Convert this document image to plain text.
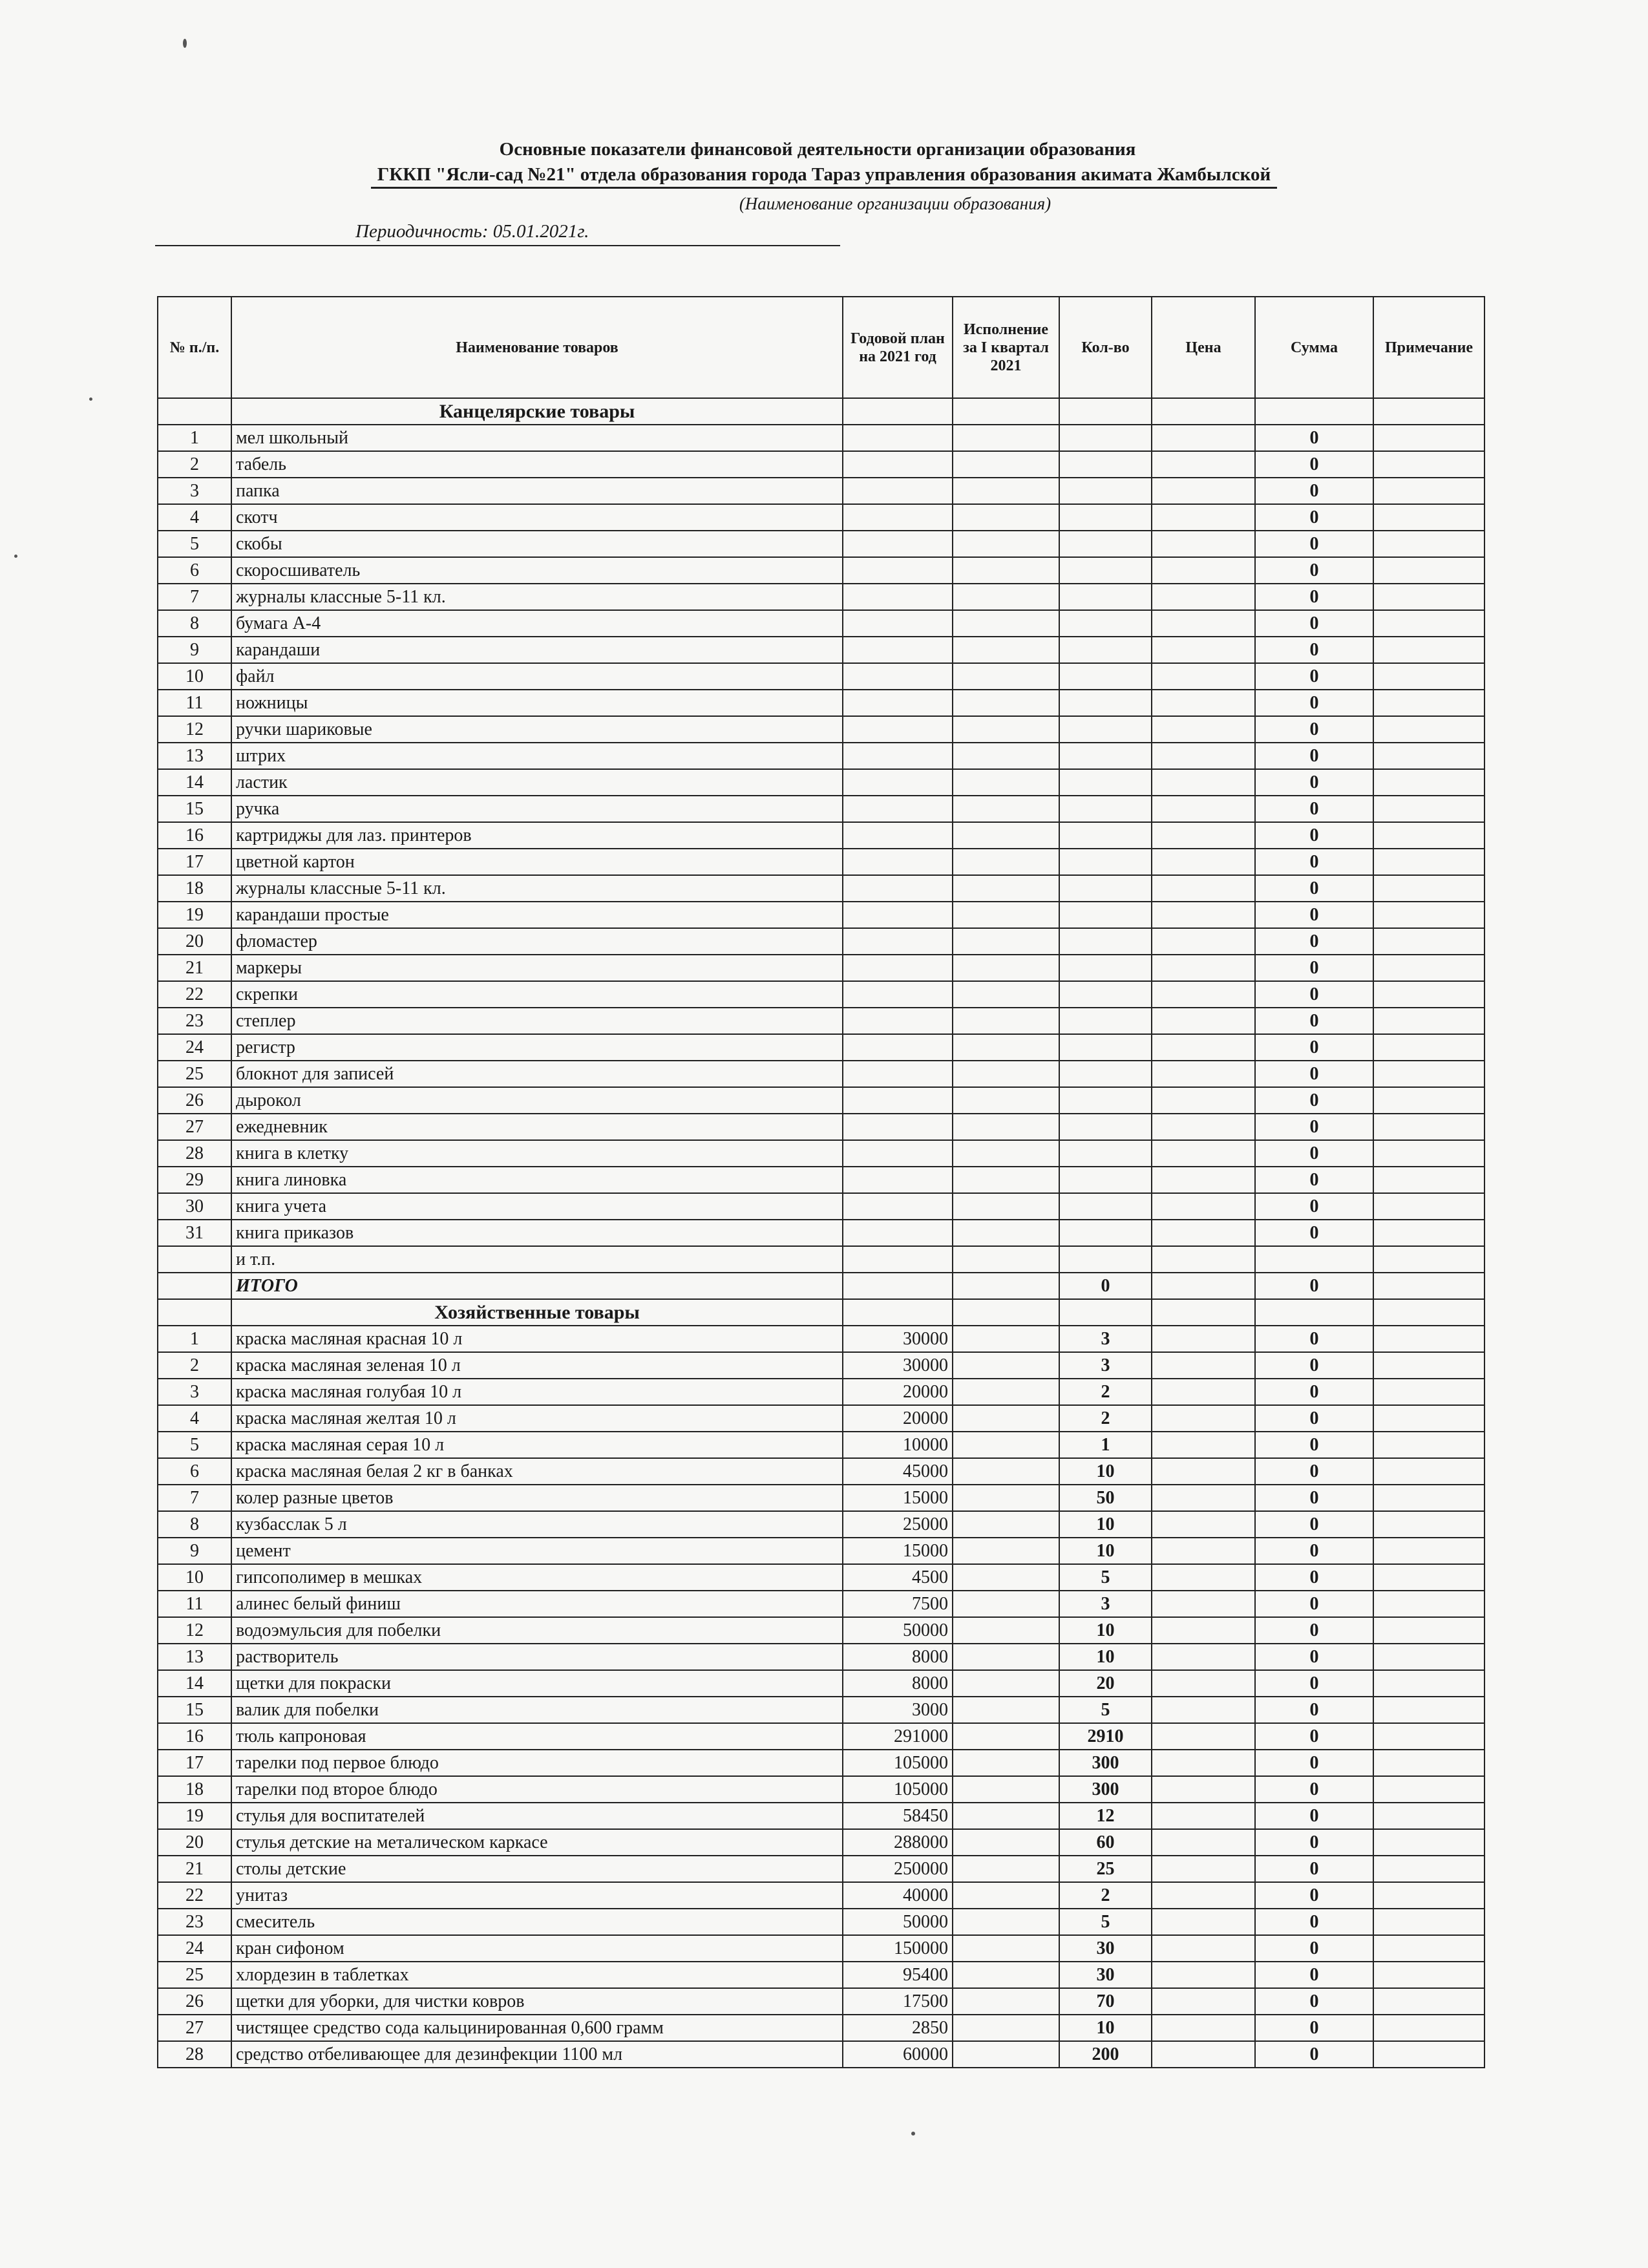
Основные показатели финансовой деятельности организации образования
ГККП "Ясли-сад №21" отдела образования города Тараз управления образования акимата Жамбылской
(Наименование организации образования)
Периодичность: 05.01.2021г.
№ п./п.	Наименование товаров	Годовой план на 2021 год	Исполнение за I квартал 2021	Кол-во	Цена	Сумма	Примечание
	Канцелярские товары						
1	мел школьный					0	
2	табель					0	
3	папка					0	
4	скотч					0	
5	скобы					0	
6	скоросшиватель					0	
7	журналы классные 5-11 кл.					0	
8	бумага А-4					0	
9	карандаши					0	
10	файл					0	
11	ножницы					0	
12	ручки шариковые					0	
13	штрих					0	
14	ластик					0	
15	ручка					0	
16	картриджы для лаз. принтеров					0	
17	цветной картон					0	
18	журналы классные 5-11 кл.					0	
19	карандаши простые					0	
20	фломастер					0	
21	маркеры					0	
22	скрепки					0	
23	степлер					0	
24	регистр					0	
25	блокнот для записей					0	
26	дырокол					0	
27	ежедневник					0	
28	книга в клетку					0	
29	книга линовка					0	
30	книга учета					0	
31	книга приказов					0	
	и т.п.						
	ИТОГО			0		0	
	Хозяйственные товары						
1	краска масляная красная 10 л	30000		3		0	
2	краска масляная зеленая 10 л	30000		3		0	
3	краска масляная голубая 10 л	20000		2		0	
4	краска масляная желтая 10 л	20000		2		0	
5	краска масляная серая 10 л	10000		1		0	
6	краска масляная белая 2 кг в банках	45000		10		0	
7	колер разные цветов	15000		50		0	
8	кузбасслак 5 л	25000		10		0	
9	цемент	15000		10		0	
10	гипсополимер в мешках	4500		5		0	
11	алинес белый финиш	7500		3		0	
12	водоэмульсия для побелки	50000		10		0	
13	растворитель	8000		10		0	
14	щетки для покраски	8000		20		0	
15	валик для побелки	3000		5		0	
16	тюль капроновая	291000		2910		0	
17	тарелки под первое блюдо	105000		300		0	
18	тарелки под второе блюдо	105000		300		0	
19	стулья для воспитателей	58450		12		0	
20	стулья детские на металическом каркасе	288000		60		0	
21	столы детские	250000		25		0	
22	унитаз	40000		2		0	
23	смеситель	50000		5		0	
24	кран сифоном	150000		30		0	
25	хлордезин в таблетках	95400		30		0	
26	щетки для уборки, для чистки ковров	17500		70		0	
27	чистящее средство сода кальцинированная 0,600 грамм	2850		10		0	
28	средство отбеливающее для дезинфекции 1100 мл	60000		200		0	
